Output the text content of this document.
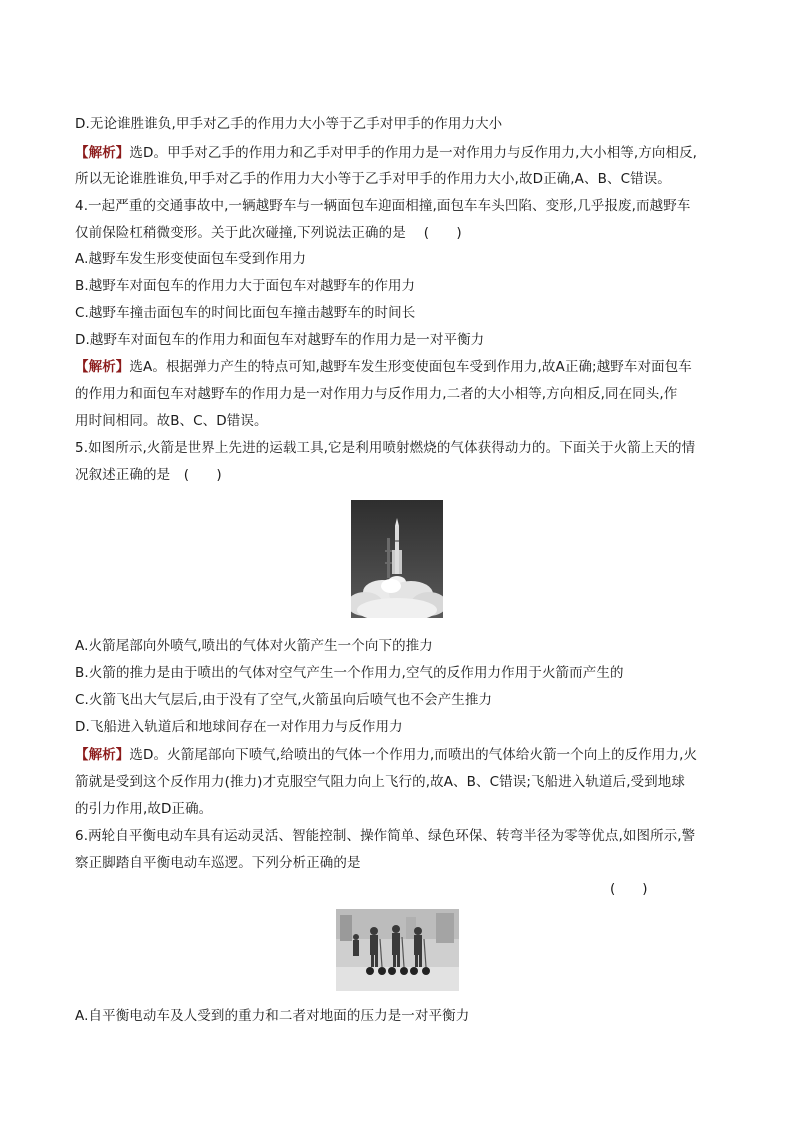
D.无论谁胜谁负,甲手对乙手的作用力大小等于乙手对甲手的作用力大小
【解析】选D。甲手对乙手的作用力和乙手对甲手的作用力是一对作用力与反作用力,大小相等,方向相反,
所以无论谁胜谁负,甲手对乙手的作用力大小等于乙手对甲手的作用力大小,故D正确,A、B、C错误。
4.一起严重的交通事故中,一辆越野车与一辆面包车迎面相撞,面包车车头凹陷、变形,几乎报废,而越野车
仅前保险杠稍微变形。关于此次碰撞,下列说法正确的是　 (　　)
A.越野车发生形变使面包车受到作用力
B.越野车对面包车的作用力大于面包车对越野车的作用力
C.越野车撞击面包车的时间比面包车撞击越野车的时间长
D.越野车对面包车的作用力和面包车对越野车的作用力是一对平衡力
【解析】选A。根据弹力产生的特点可知,越野车发生形变使面包车受到作用力,故A正确;越野车对面包车
的作用力和面包车对越野车的作用力是一对作用力与反作用力,二者的大小相等,方向相反,同在同头,作
用时间相同。故B、C、D错误。
5.如图所示,火箭是世界上先进的运载工具,它是利用喷射燃烧的气体获得动力的。下面关于火箭上天的情
况叙述正确的是　(　　)
A.火箭尾部向外喷气,喷出的气体对火箭产生一个向下的推力
B.火箭的推力是由于喷出的气体对空气产生一个作用力,空气的反作用力作用于火箭而产生的
C.火箭飞出大气层后,由于没有了空气,火箭虽向后喷气也不会产生推力
D.飞船进入轨道后和地球间存在一对作用力与反作用力
【解析】选D。火箭尾部向下喷气,给喷出的气体一个作用力,而喷出的气体给火箭一个向上的反作用力,火
箭就是受到这个反作用力(推力)才克服空气阻力向上飞行的,故A、B、C错误;飞船进入轨道后,受到地球
的引力作用,故D正确。
6.两轮自平衡电动车具有运动灵活、智能控制、操作简单、绿色环保、转弯半径为零等优点,如图所示,警
察正脚踏自平衡电动车巡逻。下列分析正确的是
(　　)
A.自平衡电动车及人受到的重力和二者对地面的压力是一对平衡力
